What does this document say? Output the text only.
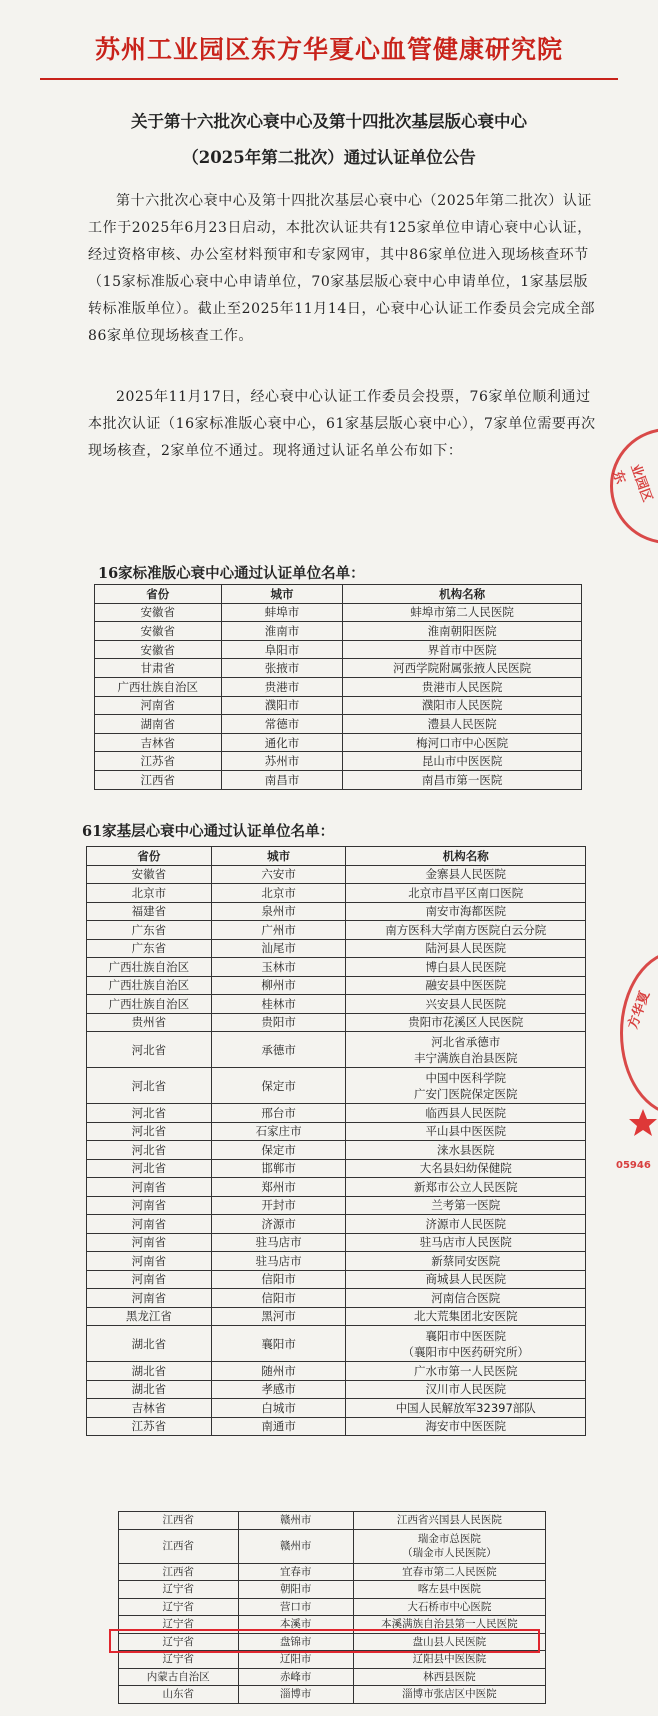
苏州工业园区东方华夏心血管健康研究院
关于第十六批次心衰中心及第十四批次基层版心衰中心
（2025年第二批次）通过认证单位公告
第十六批次心衰中心及第十四批次基层心衰中心（2025年第二批次）认证工作于2025年6月23日启动，本批次认证共有125家单位申请心衰中心认证，经过资格审核、办公室材料预审和专家网审，其中86家单位进入现场核查环节（15家标准版心衰中心申请单位，70家基层版心衰中心申请单位，1家基层版转标准版单位）。截止至2025年11月14日，心衰中心认证工作委员会完成全部86家单位现场核查工作。
2025年11月17日，经心衰中心认证工作委员会投票，76家单位顺利通过本批次认证（16家标准版心衰中心，61家基层版心衰中心），7家单位需要再次现场核查，2家单位不通过。现将通过认证名单公布如下：
16家标准版心衰中心通过认证单位名单：
省份	城市	机构名称
安徽省	蚌埠市	蚌埠市第二人民医院
安徽省	淮南市	淮南朝阳医院
安徽省	阜阳市	界首市中医院
甘肃省	张掖市	河西学院附属张掖人民医院
广西壮族自治区	贵港市	贵港市人民医院
河南省	濮阳市	濮阳市人民医院
湖南省	常德市	澧县人民医院
吉林省	通化市	梅河口市中心医院
江苏省	苏州市	昆山市中医医院
江西省	南昌市	南昌市第一医院
61家基层心衰中心通过认证单位名单：
省份	城市	机构名称
安徽省	六安市	金寨县人民医院
北京市	北京市	北京市昌平区南口医院
福建省	泉州市	南安市海都医院
广东省	广州市	南方医科大学南方医院白云分院
广东省	汕尾市	陆河县人民医院
广西壮族自治区	玉林市	博白县人民医院
广西壮族自治区	柳州市	融安县中医医院
广西壮族自治区	桂林市	兴安县人民医院
贵州省	贵阳市	贵阳市花溪区人民医院
河北省	承德市	河北省承德市
丰宁满族自治县医院

河北省	保定市	中国中医科学院
广安门医院保定医院

河北省	邢台市	临西县人民医院
河北省	石家庄市	平山县中医医院
河北省	保定市	涞水县医院
河北省	邯郸市	大名县妇幼保健院
河南省	郑州市	新郑市公立人民医院
河南省	开封市	兰考第一医院
河南省	济源市	济源市人民医院
河南省	驻马店市	驻马店市人民医院
河南省	驻马店市	新蔡同安医院
河南省	信阳市	商城县人民医院
河南省	信阳市	河南信合医院
黑龙江省	黑河市	北大荒集团北安医院
湖北省	襄阳市	襄阳市中医医院
（襄阳市中医药研究所）

湖北省	随州市	广水市第一人民医院
湖北省	孝感市	汉川市人民医院
吉林省	白城市	中国人民解放军32397部队
江苏省	南通市	海安市中医医院
江西省	赣州市	江西省兴国县人民医院
江西省	赣州市	瑞金市总医院
（瑞金市人民医院）

江西省	宜春市	宜春市第二人民医院
辽宁省	朝阳市	喀左县中医院
辽宁省	营口市	大石桥市中心医院
辽宁省	本溪市	本溪满族自治县第一人民医院
辽宁省	盘锦市	盘山县人民医院
辽宁省	辽阳市	辽阳县中医医院
内蒙古自治区	赤峰市	林西县医院
山东省	淄博市	淄博市张店区中医院
业园区东
方华夏
05946
